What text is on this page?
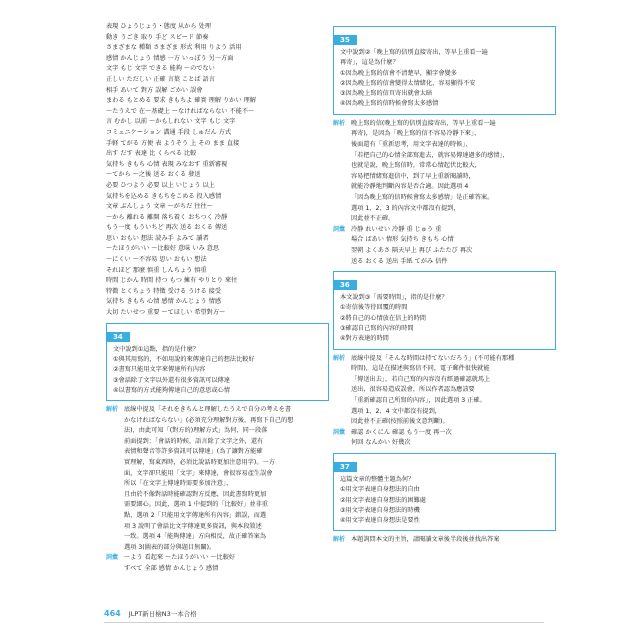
表現 ひょうじょう・態度 从から 处理
動き うごき 取り 手ど スピード 節奏
さまざまな 種類 さまざま 形式 利用 りよう 活用
感情 かんじょう 情感 一方 いっぽう 另一方面
文字 もじ 文字 できる 能夠 ～のでない
正しい ただしい 正確 言葉 ことば 語言
相手 あいて 對方 誤解 ごかい 誤會
まわる もとめる 要求 きもちよ 確實 理解 りかい 理解
～たうえで 在～基礎上 ～なければならない 不能不～
言 むかし 以前 ～かもしれない 文字 もじ 文字
コミュニケーション 溝通 手段 しゅだん 方式
手軽 てがる 方便 表 ようそう 上 その まま 直接
出す だす 表達 比 くらべる 比較
気持ち きもち 心情 表現 みなおす 重新審視
～てから ～之後 送る おくる 發送
必要 ひつよう 必要 以上 いじょう 以上
気持ちを込める きもちをこめる 投入感情
文章 ぶんしょう 文章 ～がちだ 往往～
～から 離れる 離開 落ち着く おちつく 冷靜
もう一度 もういちど 再次 送る おくる 傳送
思い おもい 想法 読み手 よみて 讀者
～たほうがいい ～比較好 意味 いみ 意思
～にくい ～不容易 思い おもい 想法
それほど 那麼 慎重 しんちょう 慎重
時間 じかん 時間 持つ もつ 擁有 やりとり 來往
特徴 とくちょう 特徵 受ける うける 接受
気持ち きもち 心情 感情 かんじょう 情感
大切 たいせつ 重要 ～てほしい 希望對方～
34
文中說到①這點，指的是什麼？
①與其用寫的，不如用說的來傳達自己的想法比較好
②書寫只能用文字來傳達所有內容
③會話除了文字以外還有很多資訊可以傳達
④以書寫的方式能夠傳達自己的意思或心情
解析 底線中提及「それをきちんと理解したうえで自分の考えを書
かなければならない」(必須充分理解對方後，再寫下自己的想
法)，由此可知「(對方的)理解方式」為何，同一段落
前面提到：「會話的時候，語言除了文字之外，還有
表情和聲音等許多資訊可以傳達」(為了讓對方能確
實理解，寫東西時，必須比說話時更加注意用字)。一方
面，文字卻只能用「文字」來傳達，會很容易產生誤會
所以「在文字上傳達時需要多加注意」，
且由於不像對話時能確認對方反應，因此書寫時更加
需要細心。因此，選項 1 中提到的「比較好」並非重
點，選項 2「只能用文字傳達所有內容」錯誤，而選
項 3 說明了會話比文字傳達更多資訊，與本段敘述
一致。選項 4「能夠傳達」方向相反，故正確答案為
選項 3(圖表的部分與題目無關)。
詞彙 ～よう 看起來 ～たほうがいい ～比較好
すべて 全部 感情 かんじょう 感情
35
文中說到②「晚上寫的信別直接寄出，等早上重看一遍
再寄」，這是為什麼？
①因為晚上寫的信會不清楚早，顯字會變多
②因為晚上寫的信會變得太情緒化，容易顯得不安
③因為晚上寫的信頁寄出就會太暗
④因為晚上寫的信時候會寫太多感情
解析 晚上寫的信(晚上寫的信別直接寄出，等早上重看一遍
再寄)，是因為「晚上寫的信不容易冷靜下來」，
後面還有「重新思考，用文字表達的時候」、
「若把自己的心情全部寫進去，就容易傳達過多的感情」，
也就是說，晚上寫信時，常常心情起伏比較大，
容易把情緒寫進信中，到了早上重新閱讀時，
就能冷靜地判斷內容是否合適。因此選項 4
「因為晚上寫的信時候會寫太多感情」是正確答案。
選項 1、2、3 的內容文中都沒有提到，
因此並不正確。
詞彙 冷静 れいせい 冷靜 重 じゅう 重
場合 ばあい 情形 気持ち きもち 心情
翌朝 よくあさ 隔天早上 再び ふたたび 再次
送る おくる 送出 手紙 てがみ 信件
36
本文說到③「需要時間」，指的是什麼？
①寄信後等待回覆的時間
②將自己的心情放在信上的時間
③確認自己寫的內容的時間
④對方表達的時間
解析 底線中提及「そんな時間は持てないだろう」(不可能有那種
時間)，這是在描述與寫信不同，電子郵件很快就能
「傳送出去」，若自己寫的內容沒有經過確認就馬上
送出，很容易造成誤會，所以作者認為應該要
「重新確認自己所寫的內容」，因此選項 3 正確。
選項 1、2、4 文中都沒有提到，
因此並不正確(按照前後文意判斷)。
詞彙 確認 かくにん 確認 もう一度 再一次
何回 なんかい 好幾次
37
這篇文章的整體主題為何？
①用文字表達自身想法的自由
②用文字表達自身想法的困難處
③用文字表達自身想法的時機
④用文字表達自身想法是要性
解析 本題詢問本文的主旨，請閱讀文章後半段後並找出答案
464 JLPT新日檢N3一本合格
